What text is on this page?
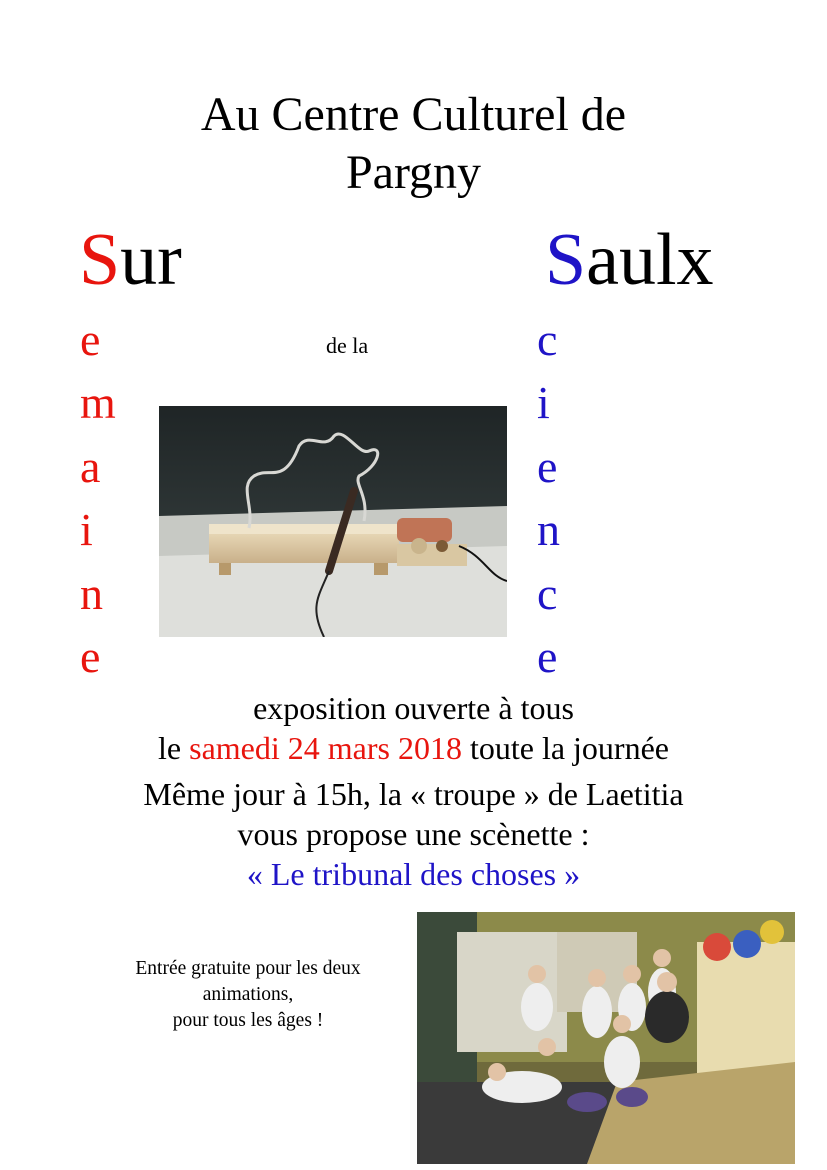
Au Centre Culturel de
Pargny
Sur	Saulx
e
m
a
i
n
e
c
i
e
n
c
e
de la
exposition ouverte à tous
le samedi 24 mars 2018 toute la journée
Même jour à 15h, la « troupe » de Laetitia
vous propose une scènette :
« Le tribunal des choses »
Entrée gratuite pour les deux
animations,
pour tous les âges !
